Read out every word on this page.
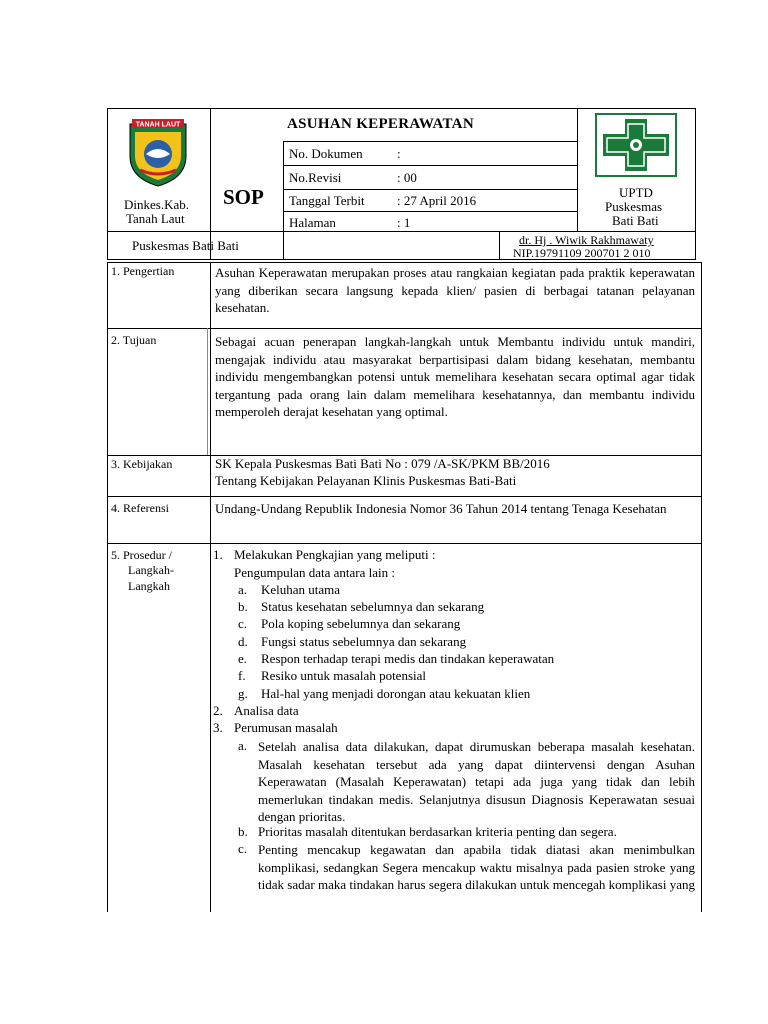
TANAH LAUT
Dinkes.Kab.
Tanah Laut
ASUHAN KEPERAWATAN
SOP
No. Dokumen	:
No.Revisi	: 00
Tanggal Terbit : 27 April 2016
Halaman	: 1
UPTD
Puskesmas
Bati Bati
Puskesmas Bati Bati	dr. Hj . Wiwik Rakhmawaty
NIP.19791109 200701 2 010
1. Pengertian	Asuhan Keperawatan merupakan proses atau rangkaian kegiatan pada praktik keperawatan yang diberikan secara langsung kepada klien/ pasien di berbagai tatanan pelayanan kesehatan.
2. Tujuan	Sebagai acuan penerapan langkah-langkah untuk Membantu individu untuk mandiri, mengajak individu atau masyarakat berpartisipasi dalam bidang kesehatan, membantu individu mengembangkan potensi untuk memelihara kesehatan secara optimal agar tidak tergantung pada orang lain dalam memelihara kesehatannya, dan membantu individu memperoleh derajat kesehatan yang optimal.
3. Kebijakan	SK Kepala Puskesmas Bati Bati No : 079 /A-SK/PKM BB/2016
Tentang Kebijakan Pelayanan Klinis Puskesmas Bati-Bati
4. Referensi	Undang-Undang Republik Indonesia Nomor 36 Tahun 2014 tentang Tenaga Kesehatan
5. Prosedur /
Langkah-
Langkah
1. Melakukan Pengkajian yang meliputi :
Pengumpulan data antara lain :
a. Keluhan utama
b. Status kesehatan sebelumnya dan sekarang
c. Pola koping sebelumnya dan sekarang
d. Fungsi status sebelumnya dan sekarang
e. Respon terhadap terapi medis dan tindakan keperawatan
f. Resiko untuk masalah potensial
g. Hal-hal yang menjadi dorongan atau kekuatan klien
2. Analisa data
3. Perumusan masalah
a. Setelah analisa data dilakukan, dapat dirumuskan beberapa masalah kesehatan. Masalah kesehatan tersebut ada yang dapat diintervensi dengan Asuhan Keperawatan (Masalah Keperawatan) tetapi ada juga yang tidak dan lebih memerlukan tindakan medis. Selanjutnya disusun Diagnosis Keperawatan sesuai dengan prioritas.
b. Prioritas masalah ditentukan berdasarkan kriteria penting dan segera.
c. Penting mencakup kegawatan dan apabila tidak diatasi akan menimbulkan komplikasi, sedangkan Segera mencakup waktu misalnya pada pasien stroke yang tidak sadar maka tindakan harus segera dilakukan untuk mencegah komplikasi yang
